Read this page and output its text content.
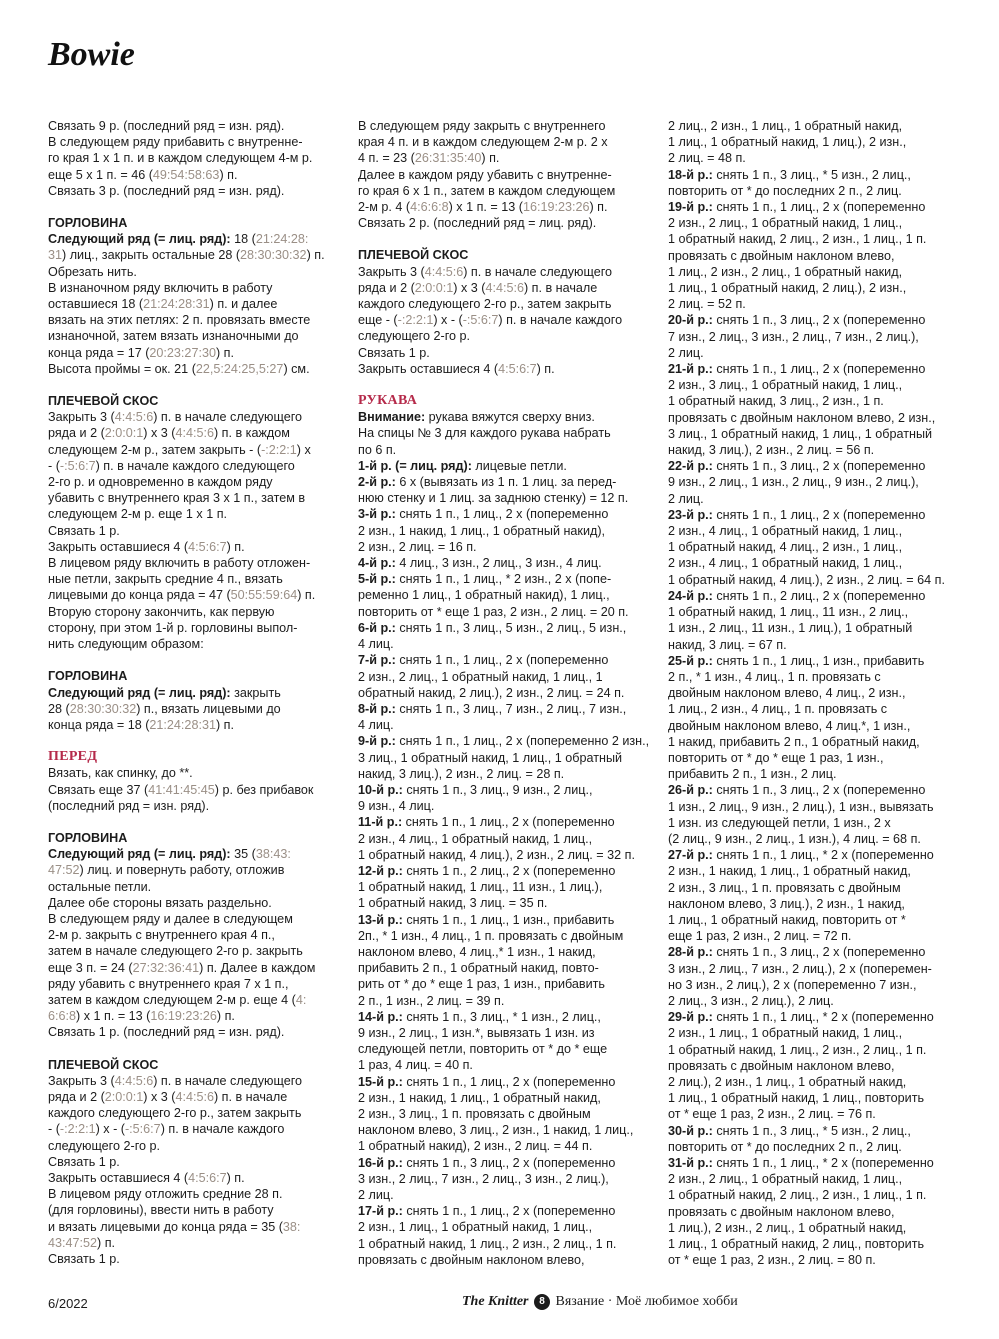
Bowie

Связать 9 р. (последний ряд = изн. ряд).

В следующем ряду прибавить с внутренне-

го края 1 х 1 п. и в каждом следующем 4-м р.

еще 5 х 1 п. = 46 (49:54:58:63) п.

Связать 3 р. (последний ряд = изн. ряд).

ГОРЛОВИНА

Следующий ряд (= лиц. ряд): 18 (21:24:28:

31) лиц., закрыть остальные 28 (28:30:30:32) п.

Обрезать нить.

В изнаночном ряду включить в работу

оставшиеся 18 (21:24:28:31) п. и далее

вязать на этих петлях: 2 п. провязать вместе

изнаночной, затем вязать изнаночными до

конца ряда = 17 (20:23:27:30) п.

Высота проймы = ок. 21 (22,5:24:25,5:27) см.

ПЛЕЧЕВОЙ СКОС

Закрыть 3 (4:4:5:6) п. в начале следующего

ряда и 2 (2:0:0:1) х 3 (4:4:5:6) п. в каждом

следующем 2-м р., затем закрыть - (-:2:2:1) х

- (-:5:6:7) п. в начале каждого следующего

2-го р. и одновременно в каждом ряду

убавить с внутреннего края 3 х 1 п., затем в

следующем 2-м р. еще 1 х 1 п.

Связать 1 р.

Закрыть оставшиеся 4 (4:5:6:7) п.

В лицевом ряду включить в работу отложен-

ные петли, закрыть средние 4 п., вязать

лицевыми до конца ряда = 47 (50:55:59:64) п.

Вторую сторону закончить, как первую

сторону, при этом 1-й р. горловины выпол-

нить следующим образом:

ГОРЛОВИНА

Следующий ряд (= лиц. ряд): закрыть

28 (28:30:30:32) п., вязать лицевыми до

конца ряда = 18 (21:24:28:31) п.

ПЕРЕД

Вязать, как спинку, до **.

Связать еще 37 (41:41:45:45) р. без прибавок

(последний ряд = изн. ряд).

ГОРЛОВИНА

Следующий ряд (= лиц. ряд): 35 (38:43:

47:52) лиц. и повернуть работу, отложив

остальные петли.

Далее обе стороны вязать раздельно.

В следующем ряду и далее в следующем

2-м р. закрыть с внутреннего края 4 п.,

затем в начале следующего 2-го р. закрыть

еще 3 п. = 24 (27:32:36:41) п. Далее в каждом

ряду убавить с внутреннего края 7 х 1 п.,

затем в каждом следующем 2-м р. еще 4 (4:

6:6:8) х 1 п. = 13 (16:19:23:26) п.

Связать 1 р. (последний ряд = изн. ряд).

ПЛЕЧЕВОЙ СКОС

Закрыть 3 (4:4:5:6) п. в начале следующего

ряда и 2 (2:0:0:1) х 3 (4:4:5:6) п. в начале

каждого следующего 2-го р., затем закрыть

- (-:2:2:1) х - (-:5:6:7) п. в начале каждого

следующего 2-го р.

Связать 1 р.

Закрыть оставшиеся 4 (4:5:6:7) п.

В лицевом ряду отложить средние 28 п.

(для горловины), ввести нить в работу

и вязать лицевыми до конца ряда = 35 (38:

43:47:52) п.

Связать 1 р.

В следующем ряду закрыть с внутреннего

края 4 п. и в каждом следующем 2-м р. 2 х

4 п. = 23 (26:31:35:40) п.

Далее в каждом ряду убавить с внутренне-

го края 6 х 1 п., затем в каждом следующем

2-м р. 4 (4:6:6:8) х 1 п. = 13 (16:19:23:26) п.

Связать 2 р. (последний ряд = лиц. ряд).

ПЛЕЧЕВОЙ СКОС

Закрыть 3 (4:4:5:6) п. в начале следующего

ряда и 2 (2:0:0:1) х 3 (4:4:5:6) п. в начале

каждого следующего 2-го р., затем закрыть

еще - (-:2:2:1) х - (-:5:6:7) п. в начале каждого

следующего 2-го р.

Связать 1 р.

Закрыть оставшиеся 4 (4:5:6:7) п.

РУКАВА

Внимание: рукава вяжутся сверху вниз.

На спицы № 3 для каждого рукава набрать

по 6 п.

1-й р. (= лиц. ряд): лицевые петли.

2-й р.: 6 х (вывязать из 1 п. 1 лиц. за перед-

нюю стенку и 1 лиц. за заднюю стенку) = 12 п.

3-й р.: снять 1 п., 1 лиц., 2 х (попеременно

2 изн., 1 накид, 1 лиц., 1 обратный накид),

2 изн., 2 лиц. = 16 п.

4-й р.: 4 лиц., 3 изн., 2 лиц., 3 изн., 4 лиц.

5-й р.: снять 1 п., 1 лиц., * 2 изн., 2 х (попе-

ременно 1 лиц., 1 обратный накид), 1 лиц.,

повторить от * еще 1 раз, 2 изн., 2 лиц. = 20 п.

6-й р.: снять 1 п., 3 лиц., 5 изн., 2 лиц., 5 изн.,

4 лиц.

7-й р.: снять 1 п., 1 лиц., 2 х (попеременно

2 изн., 2 лиц., 1 обратный накид, 1 лиц., 1

обратный накид, 2 лиц.), 2 изн., 2 лиц. = 24 п.

8-й р.: снять 1 п., 3 лиц., 7 изн., 2 лиц., 7 изн.,

4 лиц.

9-й р.: снять 1 п., 1 лиц., 2 х (попеременно 2 изн.,

3 лиц., 1 обратный накид, 1 лиц., 1 обратный

накид, 3 лиц.), 2 изн., 2 лиц. = 28 п.

10-й р.: снять 1 п., 3 лиц., 9 изн., 2 лиц.,

9 изн., 4 лиц.

11-й р.: снять 1 п., 1 лиц., 2 х (попеременно

2 изн., 4 лиц., 1 обратный накид, 1 лиц.,

1 обратный накид, 4 лиц.), 2 изн., 2 лиц. = 32 п.

12-й р.: снять 1 п., 2 лиц., 2 х (попеременно

1 обратный накид, 1 лиц., 11 изн., 1 лиц.),

1 обратный накид, 3 лиц. = 35 п.

13-й р.: снять 1 п., 1 лиц., 1 изн., прибавить

2п., * 1 изн., 4 лиц., 1 п. провязать с двойным

наклоном влево, 4 лиц.,* 1 изн., 1 накид,

прибавить 2 п., 1 обратный накид, повто-

рить от * до * еще 1 раз, 1 изн., прибавить

2 п., 1 изн., 2 лиц. = 39 п.

14-й р.: снять 1 п., 3 лиц., * 1 изн., 2 лиц.,

9 изн., 2 лиц., 1 изн.*, вывязать 1 изн. из

следующей петли, повторить от * до * еще

1 раз, 4 лиц. = 40 п.

15-й р.: снять 1 п., 1 лиц., 2 х (попеременно

2 изн., 1 накид, 1 лиц., 1 обратный накид,

2 изн., 3 лиц., 1 п. провязать с двойным

наклоном влево, 3 лиц., 2 изн., 1 накид, 1 лиц.,

1 обратный накид), 2 изн., 2 лиц. = 44 п.

16-й р.: снять 1 п., 3 лиц., 2 х (попеременно

3 изн., 2 лиц., 7 изн., 2 лиц., 3 изн., 2 лиц.),

2 лиц.

17-й р.: снять 1 п., 1 лиц., 2 х (попеременно

2 изн., 1 лиц., 1 обратный накид, 1 лиц.,

1 обратный накид, 1 лиц., 2 изн., 2 лиц., 1 п.

провязать с двойным наклоном влево,

2 лиц., 2 изн., 1 лиц., 1 обратный накид,

1 лиц., 1 обратный накид, 1 лиц.), 2 изн.,

2 лиц. = 48 п.

18-й р.: снять 1 п., 3 лиц., * 5 изн., 2 лиц.,

повторить от * до последних 2 п., 2 лиц.

19-й р.: снять 1 п., 1 лиц., 2 х (попеременно

2 изн., 2 лиц., 1 обратный накид, 1 лиц.,

1 обратный накид, 2 лиц., 2 изн., 1 лиц., 1 п.

провязать с двойным наклоном влево,

1 лиц., 2 изн., 2 лиц., 1 обратный накид,

1 лиц., 1 обратный накид, 2 лиц.), 2 изн.,

2 лиц. = 52 п.

20-й р.: снять 1 п., 3 лиц., 2 х (попеременно

7 изн., 2 лиц., 3 изн., 2 лиц., 7 изн., 2 лиц.),

2 лиц.

21-й р.: снять 1 п., 1 лиц., 2 х (попеременно

2 изн., 3 лиц., 1 обратный накид, 1 лиц.,

1 обратный накид, 3 лиц., 2 изн., 1 п.

провязать с двойным наклоном влево, 2 изн.,

3 лиц., 1 обратный накид, 1 лиц., 1 обратный

накид, 3 лиц.), 2 изн., 2 лиц. = 56 п.

22-й р.: снять 1 п., 3 лиц., 2 х (попеременно

9 изн., 2 лиц., 1 изн., 2 лиц., 9 изн., 2 лиц.),

2 лиц.

23-й р.: снять 1 п., 1 лиц., 2 х (попеременно

2 изн., 4 лиц., 1 обратный накид, 1 лиц.,

1 обратный накид, 4 лиц., 2 изн., 1 лиц.,

2 изн., 4 лиц., 1 обратный накид, 1 лиц.,

1 обратный накид, 4 лиц.), 2 изн., 2 лиц. = 64 п.

24-й р.: снять 1 п., 2 лиц., 2 х (попеременно

1 обратный накид, 1 лиц., 11 изн., 2 лиц.,

1 изн., 2 лиц., 11 изн., 1 лиц.), 1 обратный

накид, 3 лиц. = 67 п.

25-й р.: снять 1 п., 1 лиц., 1 изн., прибавить

2 п., * 1 изн., 4 лиц., 1 п. провязать с

двойным наклоном влево, 4 лиц., 2 изн.,

1 лиц., 2 изн., 4 лиц., 1 п. провязать с

двойным наклоном влево, 4 лиц.*, 1 изн.,

1 накид, прибавить 2 п., 1 обратный накид,

повторить от * до * еще 1 раз, 1 изн.,

прибавить 2 п., 1 изн., 2 лиц.

26-й р.: снять 1 п., 3 лиц., 2 х (попеременно

1 изн., 2 лиц., 9 изн., 2 лиц.), 1 изн., вывязать

1 изн. из следующей петли, 1 изн., 2 х

(2 лиц., 9 изн., 2 лиц., 1 изн.), 4 лиц. = 68 п.

27-й р.: снять 1 п., 1 лиц., * 2 х (попеременно

2 изн., 1 накид, 1 лиц., 1 обратный накид,

2 изн., 3 лиц., 1 п. провязать с двойным

наклоном влево, 3 лиц.), 2 изн., 1 накид,

1 лиц., 1 обратный накид, повторить от *

еще 1 раз, 2 изн., 2 лиц. = 72 п.

28-й р.: снять 1 п., 3 лиц., 2 х (попеременно

3 изн., 2 лиц., 7 изн., 2 лиц.), 2 х (поперемен-

но 3 изн., 2 лиц.), 2 х (попеременно 7 изн.,

2 лиц., 3 изн., 2 лиц.), 2 лиц.

29-й р.: снять 1 п., 1 лиц., * 2 х (попеременно

2 изн., 1 лиц., 1 обратный накид, 1 лиц.,

1 обратный накид, 1 лиц., 2 изн., 2 лиц., 1 п.

провязать с двойным наклоном влево,

2 лиц.), 2 изн., 1 лиц., 1 обратный накид,

1 лиц., 1 обратный накид, 1 лиц., повторить

от * еще 1 раз, 2 изн., 2 лиц. = 76 п.

30-й р.: снять 1 п., 3 лиц., * 5 изн., 2 лиц.,

повторить от * до последних 2 п., 2 лиц.

31-й р.: снять 1 п., 1 лиц., * 2 х (попеременно

2 изн., 2 лиц., 1 обратный накид, 1 лиц.,

1 обратный накид, 2 лиц., 2 изн., 1 лиц., 1 п.

провязать с двойным наклоном влево,

1 лиц.), 2 изн., 2 лиц., 1 обратный накид,

1 лиц., 1 обратный накид, 2 лиц., повторить

от * еще 1 раз, 2 изн., 2 лиц. = 80 п.

6/2022	The Knitter 8 Вязание · Моё любимое хобби
